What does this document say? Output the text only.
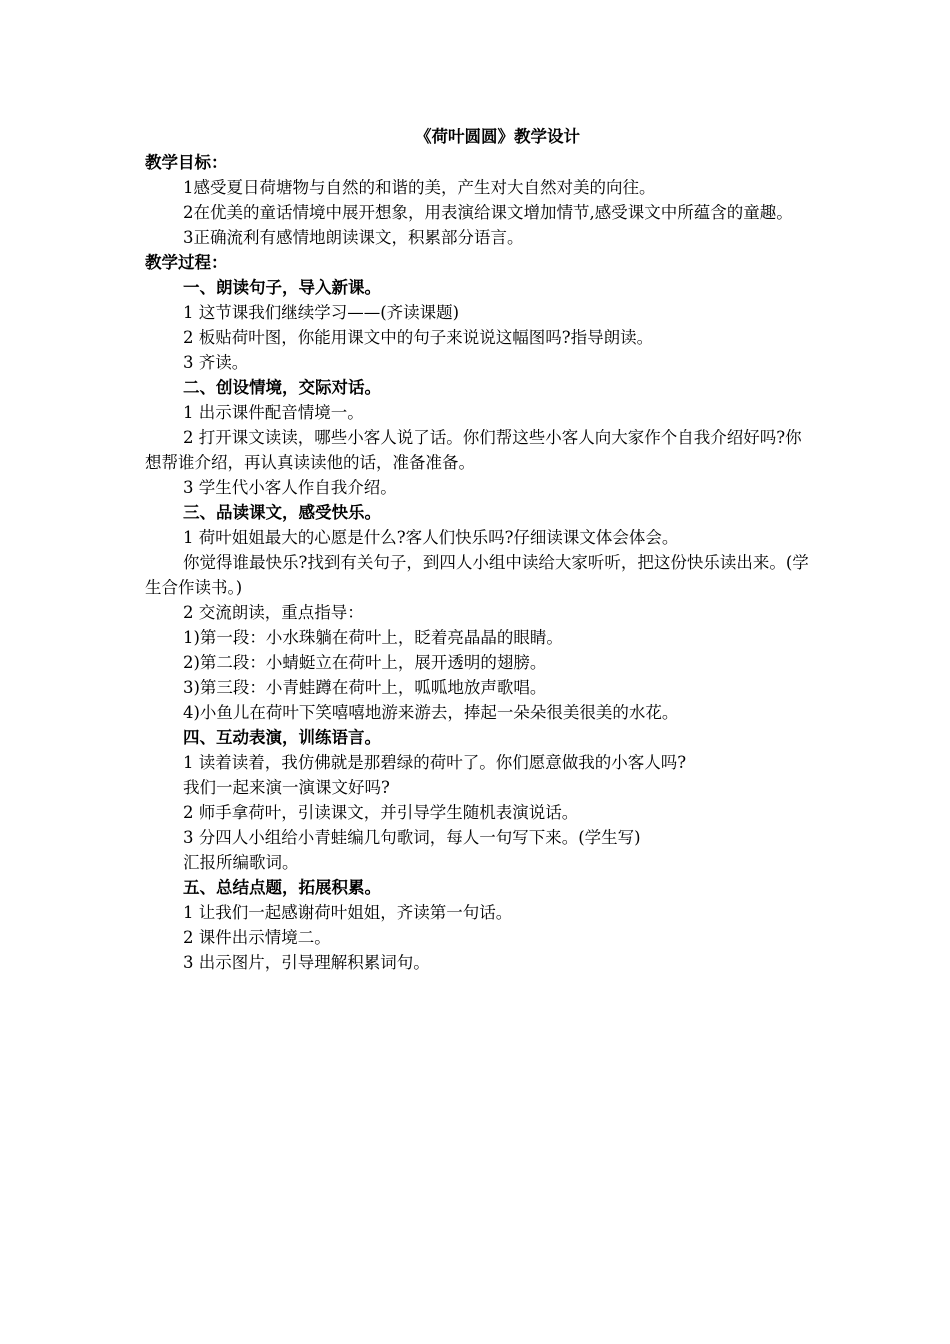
《荷叶圆圆》教学设计

教学目标：

1感受夏日荷塘物与自然的和谐的美，产生对大自然对美的向往。

2在优美的童话情境中展开想象，用表演给课文增加情节,感受课文中所蕴含的童趣。

3正确流利有感情地朗读课文，积累部分语言。

教学过程：

一、朗读句子，导入新课。

1 这节课我们继续学习——(齐读课题)

2 板贴荷叶图，你能用课文中的句子来说说这幅图吗?指导朗读。

3 齐读。

二、创设情境，交际对话。

1 出示课件配音情境一。

2 打开课文读读，哪些小客人说了话。你们帮这些小客人向大家作个自我介绍好吗?你想帮谁介绍，再认真读读他的话，准备准备。

3 学生代小客人作自我介绍。

三、品读课文，感受快乐。

1 荷叶姐姐最大的心愿是什么?客人们快乐吗?仔细读课文体会体会。

你觉得谁最快乐?找到有关句子，到四人小组中读给大家听听，把这份快乐读出来。(学生合作读书。)

2 交流朗读，重点指导：

1)第一段：小水珠躺在荷叶上，眨着亮晶晶的眼睛。

2)第二段：小蜻蜓立在荷叶上，展开透明的翅膀。

3)第三段：小青蛙蹲在荷叶上，呱呱地放声歌唱。

4)小鱼儿在荷叶下笑嘻嘻地游来游去，捧起一朵朵很美很美的水花。

四、互动表演，训练语言。

1 读着读着，我仿佛就是那碧绿的荷叶了。你们愿意做我的小客人吗?

我们一起来演一演课文好吗?

2 师手拿荷叶，引读课文，并引导学生随机表演说话。

3 分四人小组给小青蛙编几句歌词，每人一句写下来。(学生写)

汇报所编歌词。

五、总结点题，拓展积累。

1 让我们一起感谢荷叶姐姐，齐读第一句话。

2 课件出示情境二。

3 出示图片，引导理解积累词句。
